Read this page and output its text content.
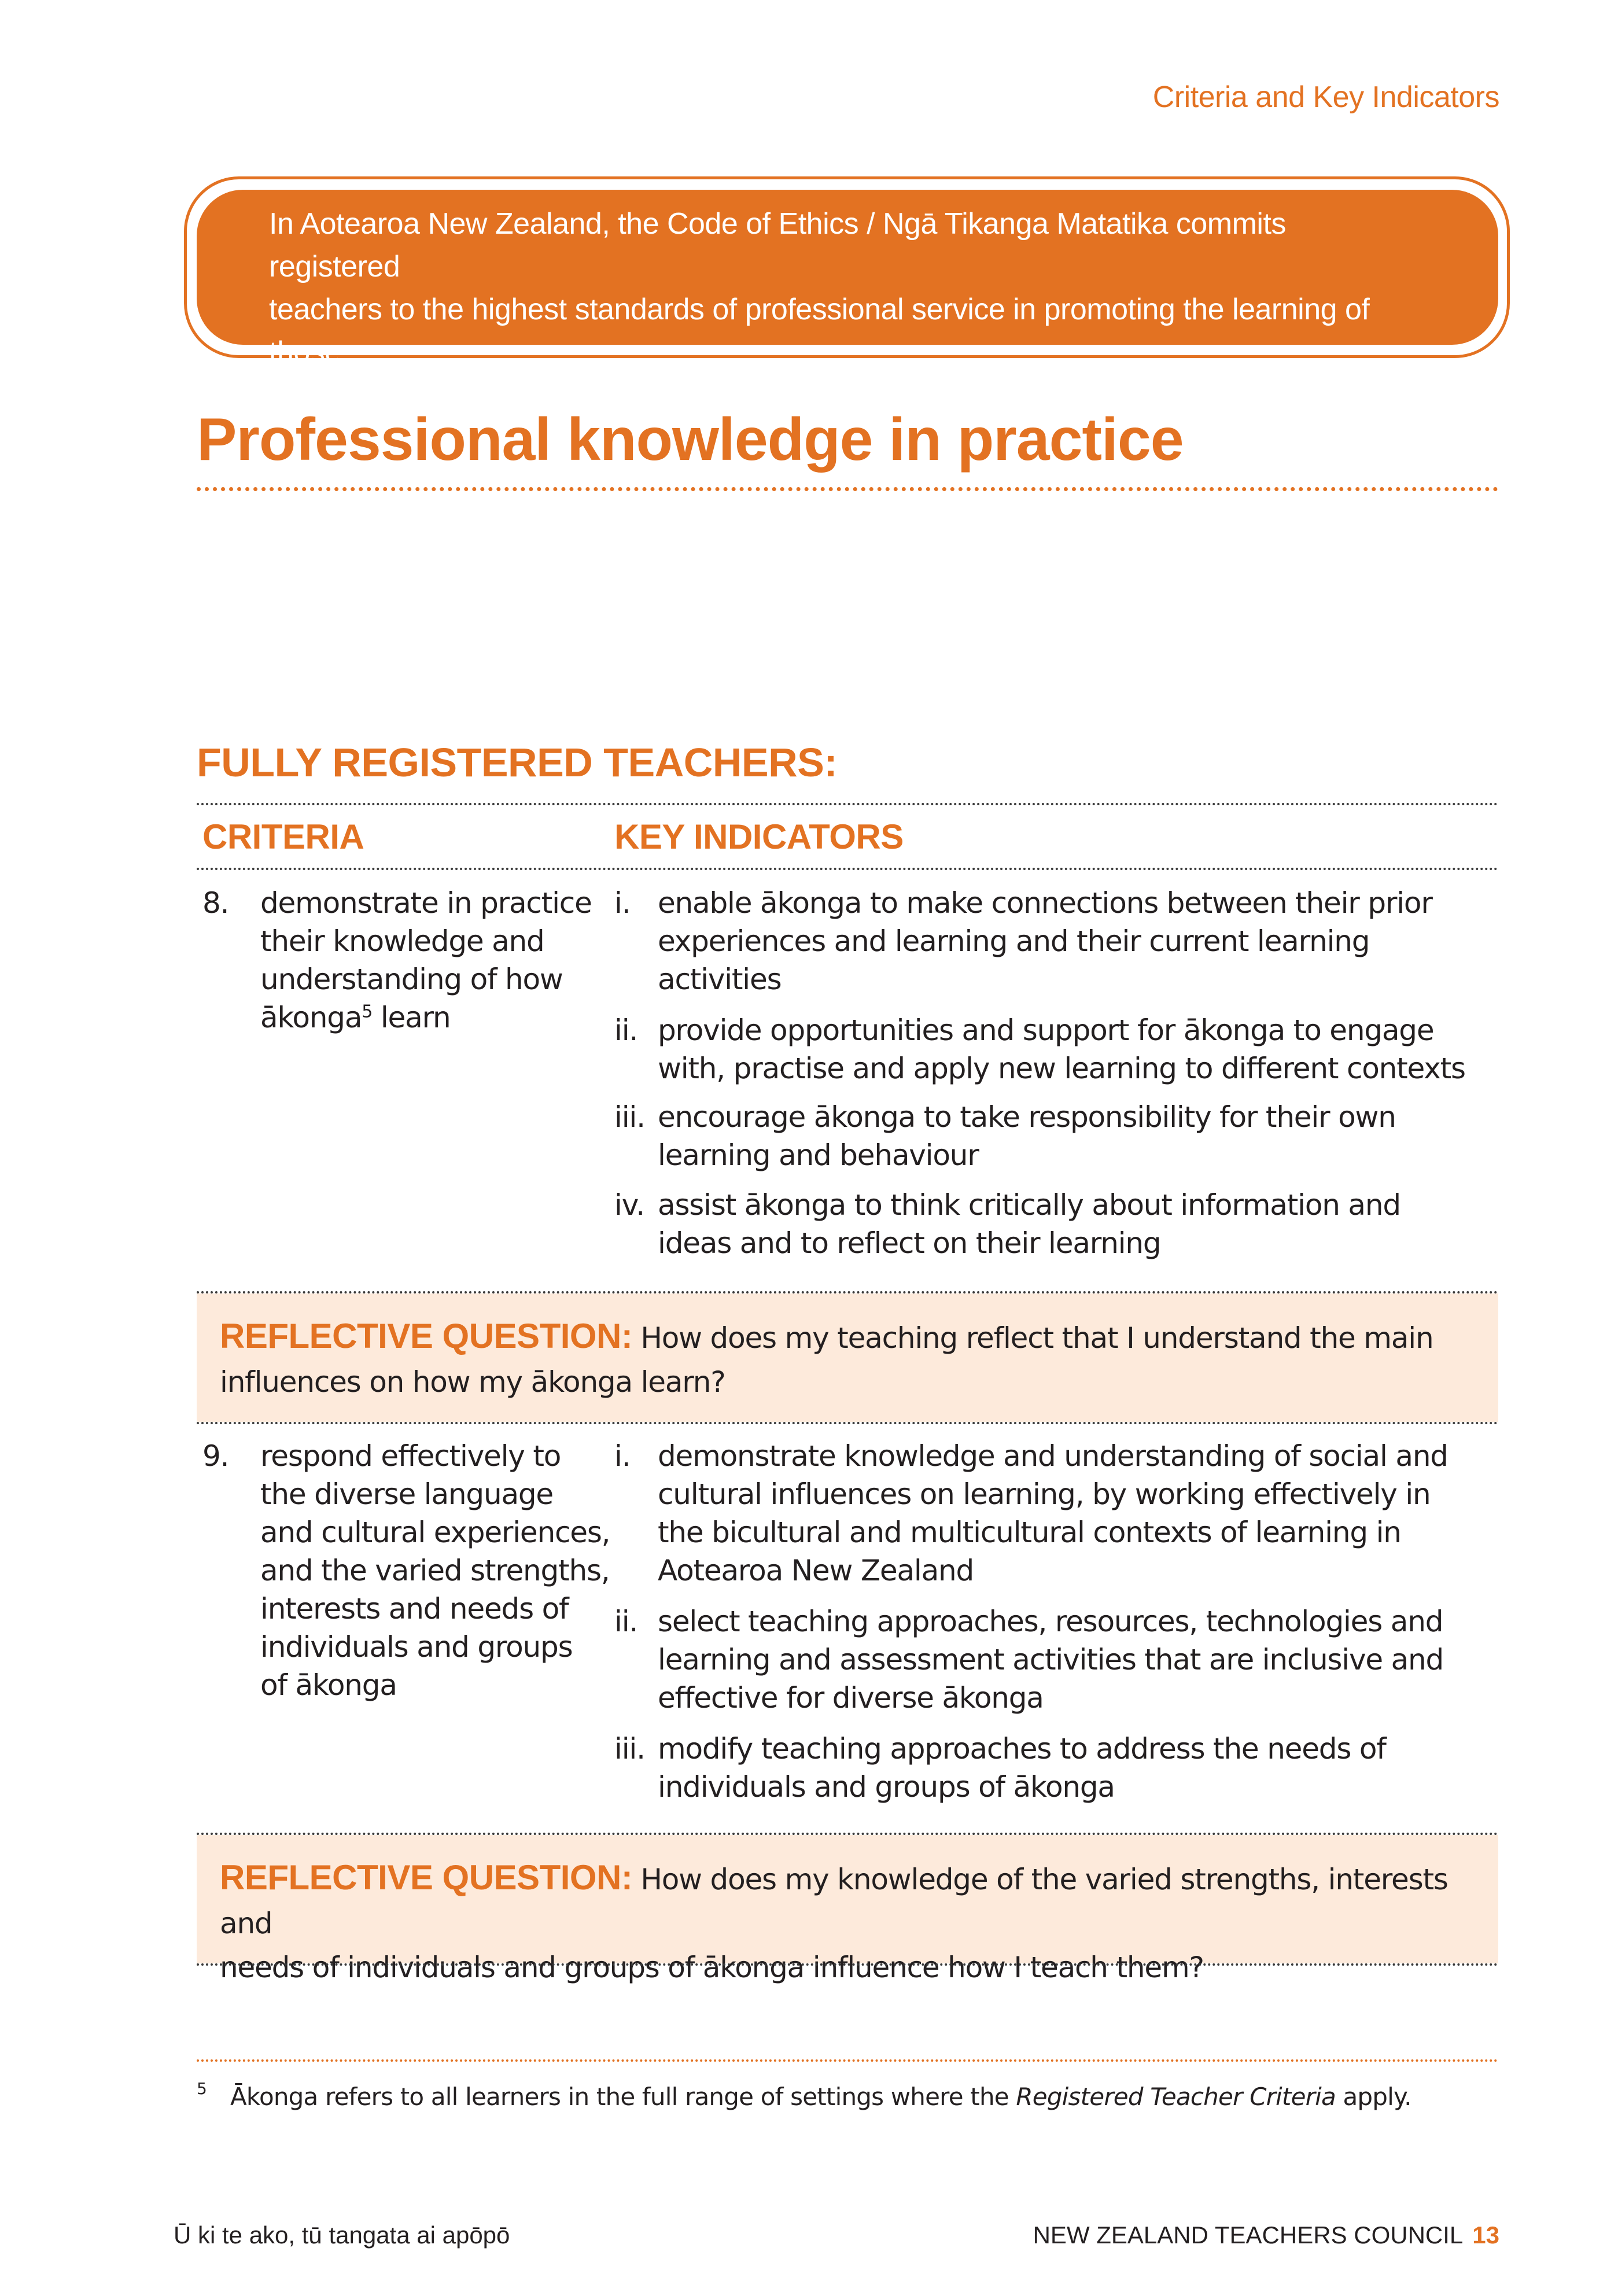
Criteria and Key Indicators
In Aotearoa New Zealand, the Code of Ethics / Ngā Tikanga Matatika commits registered
teachers to the highest standards of professional service in promoting the learning of those
they teach.
Professional knowledge in practice
FULLY REGISTERED TEACHERS:
CRITERIA	KEY INDICATORS
8. demonstrate in practice
their knowledge and
understanding of how
ākonga$^5$ learn
i. enable ākonga to make connections between their prior
experiences and learning and their current learning
activities
ii. provide opportunities and support for ākonga to engage
with, practise and apply new learning to different contexts
iii. encourage ākonga to take responsibility for their own
learning and behaviour
iv. assist ākonga to think critically about information and
ideas and to reflect on their learning
REFLECTIVE QUESTION: How does my teaching reflect that I understand the main
influences on how my ākonga learn?
9. respond effectively to
the diverse language
and cultural experiences,
and the varied strengths,
interests and needs of
individuals and groups
of ākonga
i. demonstrate knowledge and understanding of social and
cultural influences on learning, by working effectively in
the bicultural and multicultural contexts of learning in
Aotearoa New Zealand
ii. select teaching approaches, resources, technologies and
learning and assessment activities that are inclusive and
effective for diverse ākonga
iii. modify teaching approaches to address the needs of
individuals and groups of ākonga
REFLECTIVE QUESTION: How does my knowledge of the varied strengths, interests and
needs of individuals and groups of ākonga influence how I teach them?
5 Ākonga refers to all learners in the full range of settings where the Registered Teacher Criteria apply.
Ū ki te ako, tū tangata ai apōpō	NEW ZEALAND TEACHERS COUNCIL 13
